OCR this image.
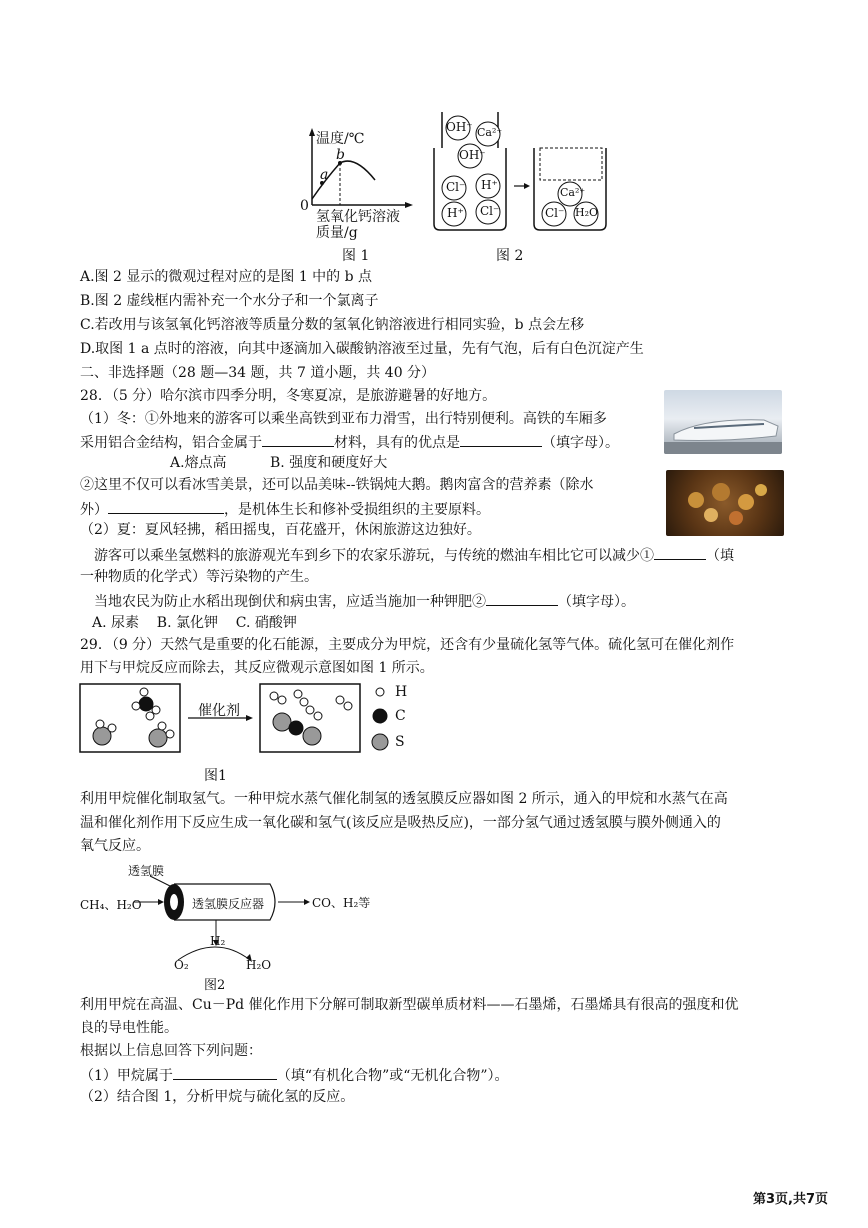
温度/℃
0
a
b
氢氧化钙溶液
质量/g
图 1
OH⁻ Ca²⁺
OH⁻
Cl⁻ H⁺
H⁺ Cl⁻
Ca²⁺
Cl⁻ H₂O
图 2
A.图 2 显示的微观过程对应的是图 1 中的 b 点
B.图 2 虚线框内需补充一个水分子和一个氯离子
C.若改用与该氢氧化钙溶液等质量分数的氢氧化钠溶液进行相同实验，b 点会左移
D.取图 1 a 点时的溶液，向其中逐滴加入碳酸钠溶液至过量，先有气泡，后有白色沉淀产生
二、非选择题（28 题—34 题，共 7 道小题，共 40 分）
28．（5 分）哈尔滨市四季分明，冬寒夏凉，是旅游避暑的好地方。
（1）冬：①外地来的游客可以乘坐高铁到亚布力滑雪，出行特别便利。高铁的车厢多
采用铝合金结构，铝合金属于	材料，具有的优点是	（填字母）。
A.熔点高	B. 强度和硬度好大
②这里不仅可以看冰雪美景，还可以品美味--铁锅炖大鹅。鹅肉富含的营养素（除水
外）	，是机体生长和修补受损组织的主要原料。
（2）夏：夏风轻拂，稻田摇曳，百花盛开，休闲旅游这边独好。
游客可以乘坐氢燃料的旅游观光车到乡下的农家乐游玩，与传统的燃油车相比它可以减少①	（填
一种物质的化学式）等污染物的产生。
当地农民为防止水稻出现倒伏和病虫害，应适当施加一种钾肥②	（填字母）。
A. 尿素    B. 氯化钾    C. 硝酸钾
29．（9 分）天然气是重要的化石能源，主要成分为甲烷，还含有少量硫化氢等气体。硫化氢可在催化剂作
用下与甲烷反应而除去，其反应微观示意图如图 1 所示。
催化剂
H
C
S
图1
利用甲烷催化制取氢气。一种甲烷水蒸气催化制氢的透氢膜反应器如图 2 所示，通入的甲烷和水蒸气在高
温和催化剂作用下反应生成一氧化碳和氢气(该反应是吸热反应)，一部分氢气通过透氢膜与膜外侧通入的
氧气反应。
透氢膜
透氢膜反应器
CH₄、H₂O	CO、H₂等
H₂
O₂	H₂O
图2
利用甲烷在高温、Cu－Pd 催化作用下分解可制取新型碳单质材料——石墨烯，石墨烯具有很高的强度和优
良的导电性能。
根据以上信息回答下列问题：
（1）甲烷属于	（填“有机化合物”或“无机化合物”）。
（2）结合图 1，分析甲烷与硫化氢的反应。
第3页,共7页
